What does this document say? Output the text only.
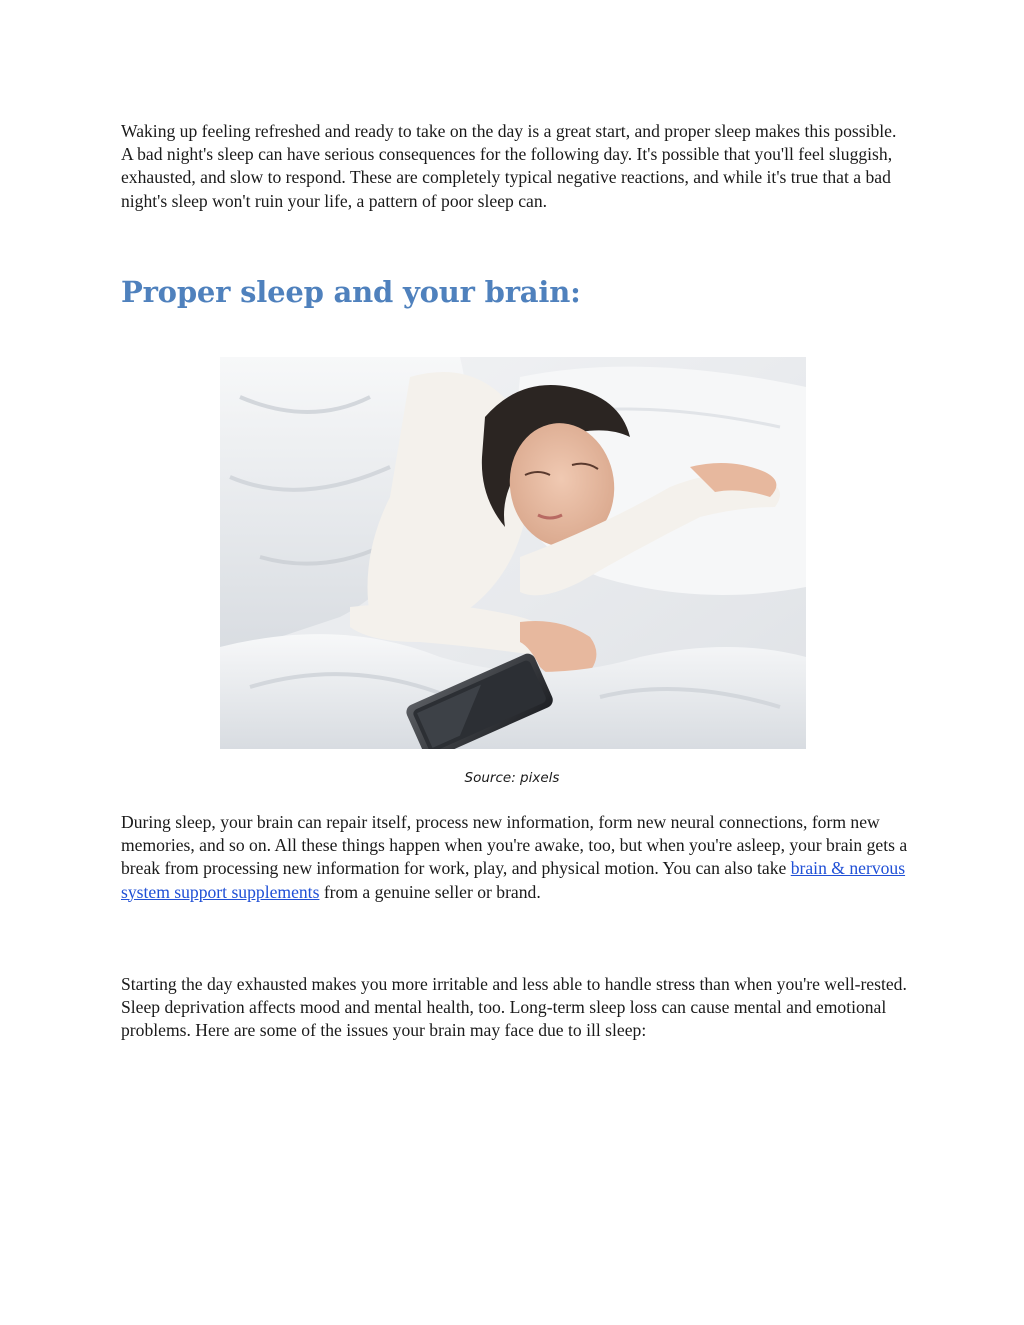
Waking up feeling refreshed and ready to take on the day is a great start, and proper sleep makes this possible. A bad night's sleep can have serious consequences for the following day. It's possible that you'll feel sluggish, exhausted, and slow to respond. These are completely typical negative reactions, and while it's true that a bad night's sleep won't ruin your life, a pattern of poor sleep can.

Proper sleep and your brain:

Source: pixels

During sleep, your brain can repair itself, process new information, form new neural connections, form new memories, and so on. All these things happen when you're awake, too, but when you're asleep, your brain gets a break from processing new information for work, play, and physical motion. You can also take brain & nervous system support supplements from a genuine seller or brand.

Starting the day exhausted makes you more irritable and less able to handle stress than when you're well-rested. Sleep deprivation affects mood and mental health, too. Long-term sleep loss can cause mental and emotional problems. Here are some of the issues your brain may face due to ill sleep:
